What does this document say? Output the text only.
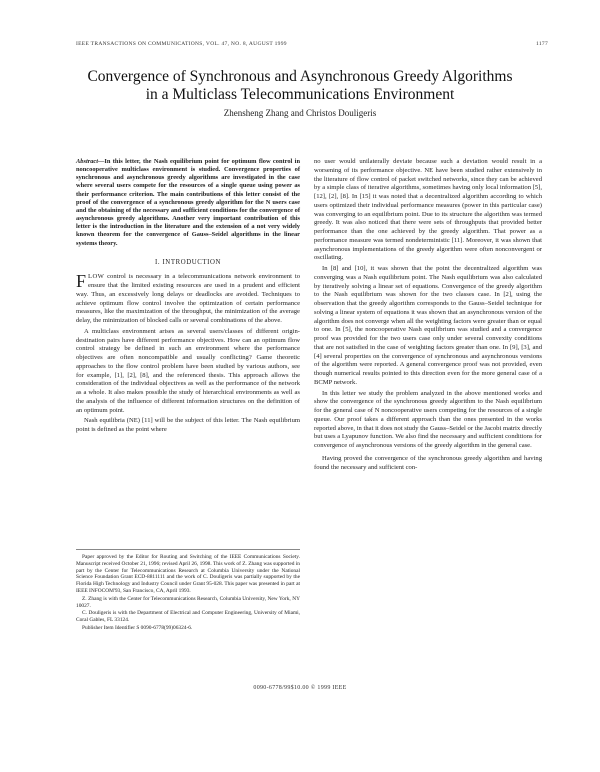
IEEE TRANSACTIONS ON COMMUNICATIONS, VOL. 47, NO. 8, AUGUST 1999	1177
Convergence of Synchronous and Asynchronous Greedy Algorithms
in a Multiclass Telecommunications Environment
Zhensheng Zhang and Christos Douligeris
Abstract—In this letter, the Nash equilibrium point for optimum flow control in noncooperative multiclass environment is studied. Convergence properties of synchronous and asynchronous greedy algorithms are investigated in the case where several users compete for the resources of a single queue using power as their performance criterion. The main contributions of this letter consist of the proof of the convergence of a synchronous greedy algorithm for the N users case and the obtaining of the necessary and sufficient conditions for the convergence of asynchronous greedy algorithms. Another very important contribution of this letter is the introduction in the literature and the extension of a not very widely known theorem for the convergence of Gauss–Seidel algorithms in the linear systems theory.
I. INTRODUCTION

FLOW control is necessary in a telecommunications network environment to ensure that the limited existing resources are used in a prudent and efficient way. Thus, an excessively long delays or deadlocks are avoided. Techniques to achieve optimum flow control involve the optimization of certain performance measures, like the maximization of the throughput, the minimization of the average delay, the minimization of blocked calls or several combinations of the above.

A multiclass environment arises as several users/classes of different origin-destination pairs have different performance objectives. How can an optimum flow control strategy be defined in such an environment where the performance objectives are often noncompatible and usually conflicting? Game theoretic approaches to the flow control problem have been studied by various authors, see for example, [1], [2], [8], and the referenced thesis. This approach allows the consideration of the individual objectives as well as the performance of the network as a whole. It also makes possible the study of hierarchical environments as well as the analysis of the influence of different information structures on the definition of an optimum point.

Nash equilibria (NE) [11] will be the subject of this letter. The Nash equilibrium point is defined as the point where

Paper approved by the Editor for Routing and Switching of the IEEE Communications Society. Manuscript received October 21, 1996; revised April 26, 1998. This work of Z. Zhang was supported in part by the Center for Telecommunications Research at Columbia University under the National Science Foundation Grant ECD-8811111 and the work of C. Douligeris was partially supported by the Florida High Technology and Industry Council under Grant 95-028. This paper was presented in part at IEEE INFOCOM'93, San Francisco, CA, April 1993.

Z. Zhang is with the Center for Telecommunications Research, Columbia University, New York, NY 10027.

C. Douligeris is with the Department of Electrical and Computer Engineering, University of Miami, Coral Gables, FL 33124.

Publisher Item Identifier S 0090-6778(99)06324-6.

no user would unilaterally deviate because such a deviation would result in a worsening of its performance objective. NE have been studied rather extensively in the literature of flow control of packet switched networks, since they can be achieved by a simple class of iterative algorithms, sometimes having only local information [5], [12], [2], [8]. In [15] it was noted that a decentralized algorithm according to which users optimized their individual performance measures (power in this particular case) was converging to an equilibrium point. Due to its structure the algorithm was termed greedy. It was also noticed that there were sets of throughputs that provided better performance than the one achieved by the greedy algorithm. That power as a performance measure was termed nondeterministic [11]. Moreover, it was shown that asynchronous implementations of the greedy algorithm were often nonconvergent or oscillating.

In [8] and [10], it was shown that the point the decentralized algorithm was converging was a Nash equilibrium point. The Nash equilibrium was also calculated by iteratively solving a linear set of equations. Convergence of the greedy algorithm to the Nash equilibrium was shown for the two classes case. In [2], using the observation that the greedy algorithm corresponds to the Gauss–Seidel technique for solving a linear system of equations it was shown that an asynchronous version of the algorithm does not converge when all the weighting factors were greater than or equal to one. In [5], the noncooperative Nash equilibrium was studied and a convergence proof was provided for the two users case only under several convexity conditions that are not satisfied in the case of weighting factors greater than one. In [9], [3], and [4] several properties on the convergence of synchronous and asynchronous versions of the algorithm were reported. A general convergence proof was not provided, even though numerical results pointed to this direction even for the more general case of a BCMP network.

In this letter we study the problem analyzed in the above mentioned works and show the convergence of the synchronous greedy algorithm to the Nash equilibrium for the general case of N noncooperative users competing for the resources of a single queue. Our proof takes a different approach than the ones presented in the works reported above, in that it does not study the Gauss–Seidel or the Jacobi matrix directly but uses a Lyapunov function. We also find the necessary and sufficient conditions for convergence of asynchronous versions of the greedy algorithm in the general case.

Having proved the convergence of the synchronous greedy algorithm and having found the necessary and sufficient con-

0090-6778/99$10.00 © 1999 IEEE
